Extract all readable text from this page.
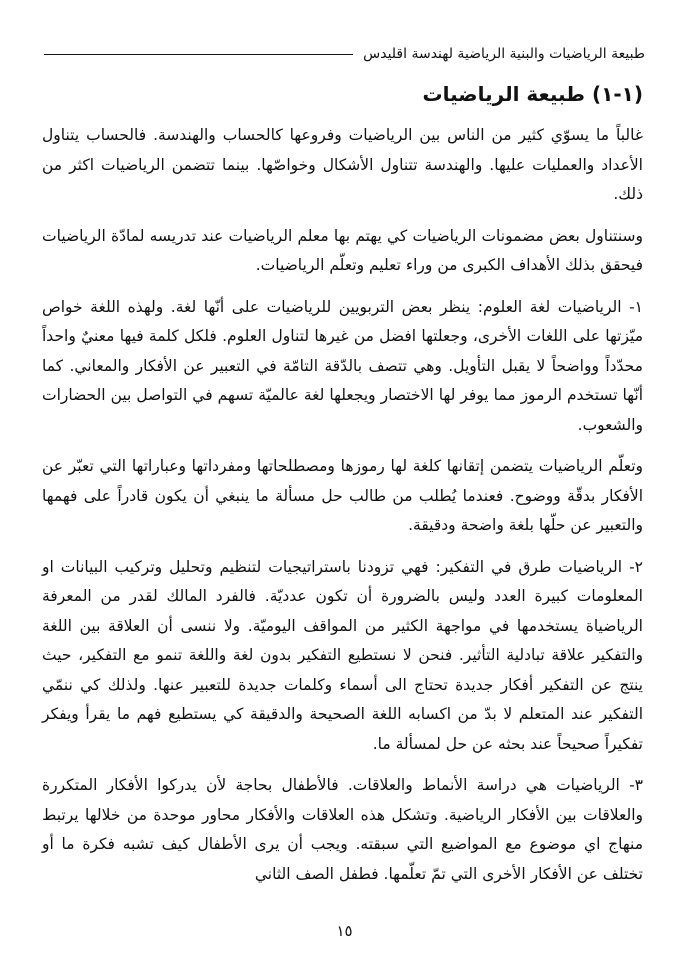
طبيعة الرياضيات والبنية الرياضية لهندسة اقليدس
(١-١) طبيعة الرياضيات

غالباً ما يسوّي كثير من الناس بين الرياضيات وفروعها كالحساب والهندسة. فالحساب يتناول الأعداد والعمليات عليها. والهندسة تتناول الأشكال وخواصّها. بينما تتضمن الرياضيات اكثر من ذلك.

وسنتناول بعض مضمونات الرياضيات كي يهتم بها معلم الرياضيات عند تدريسه لمادّة الرياضيات فيحقق بذلك الأهداف الكبرى من وراء تعليم وتعلّم الرياضيات.

١- الرياضيات لغة العلوم: ينظر بعض التربويين للرياضيات على أنّها لغة. ولهذه اللغة خواص ميّزتها على اللغات الأخرى، وجعلتها افضل من غيرها لتناول العلوم. فلكل كلمة فيها معنيٌ واحداً محدّداً وواضحاً لا يقبل التأويل. وهي تتصف بالدّقة التامّة في التعبير عن الأفكار والمعاني. كما أنّها تستخدم الرموز مما يوفر لها الاختصار ويجعلها لغة عالميّة تسهم في التواصل بين الحضارات والشعوب.

وتعلّم الرياضيات يتضمن إتقانها كلغة لها رموزها ومصطلحاتها ومفرداتها وعباراتها التي تعبّر عن الأفكار بدقّة ووضوح. فعندما يُطلب من طالب حل مسألة ما ينبغي أن يكون قادراً على فهمها والتعبير عن حلّها بلغة واضحة ودقيقة.

٢- الرياضيات طرق في التفكير: فهي تزودنا باستراتيجيات لتنظيم وتحليل وتركيب البيانات او المعلومات كبيرة العدد وليس بالضرورة أن تكون عدديّة. فالفرد المالك لقدر من المعرفة الرياضياة يستخدمها في مواجهة الكثير من المواقف اليوميّة. ولا ننسى أن العلاقة بين اللغة والتفكير علاقة تبادلية التأثير. فنحن لا نستطيع التفكير بدون لغة واللغة تنمو مع التفكير، حيث ينتج عن التفكير أفكار جديدة تحتاج الى أسماء وكلمات جديدة للتعبير عنها. ولذلك كي ننمّي التفكير عند المتعلم لا بدّ من اكسابه اللغة الصحيحة والدقيقة كي يستطيع فهم ما يقرأ ويفكر تفكيراً صحيحاً عند بحثه عن حل لمسألة ما.

٣- الرياضيات هي دراسة الأنماط والعلاقات. فالأطفال بحاجة لأن يدركوا الأفكار المتكررة والعلاقات بين الأفكار الرياضية. وتشكل هذه العلاقات والأفكار محاور موحدة من خلالها يرتبط منهاج اي موضوع مع المواضيع التي سبقته. ويجب أن يرى الأطفال كيف تشبه فكرة ما أو تختلف عن الأفكار الأخرى التي تمّ تعلّمها. فطفل الصف الثاني

١٥
